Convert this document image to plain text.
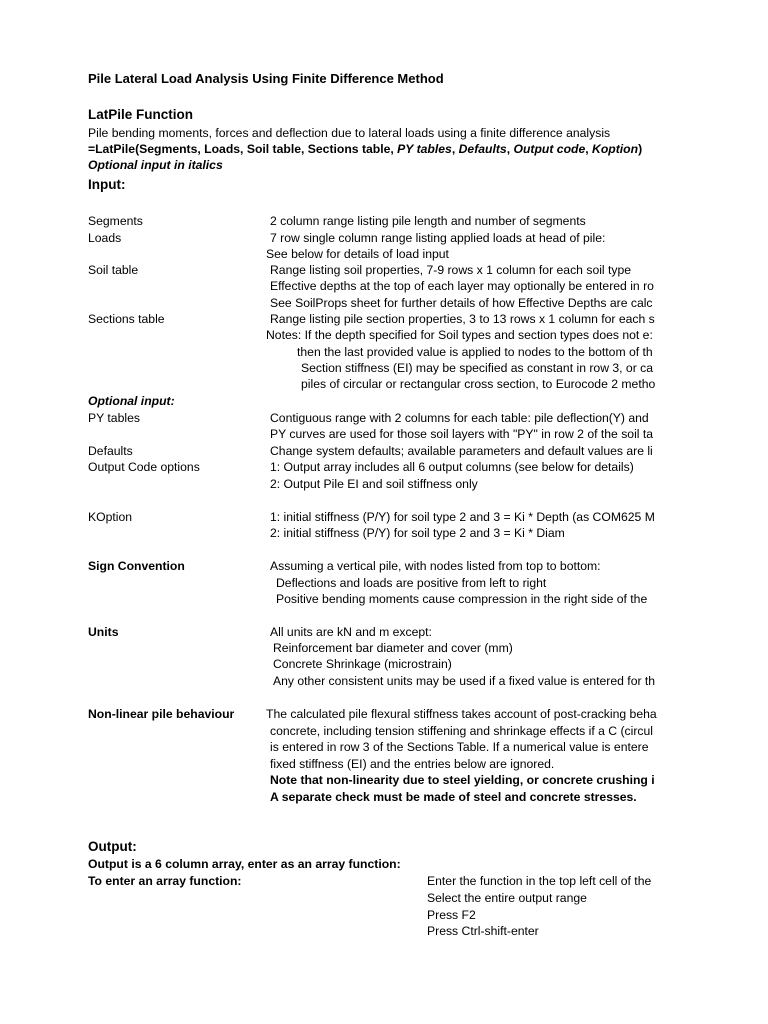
Pile Lateral Load Analysis Using Finite Difference Method
LatPile Function
Pile bending moments, forces and deflection due to lateral loads using a finite difference analysis
=LatPile(Segments, Loads, Soil table, Sections table, PY tables, Defaults, Output code, Koption)
Optional input in italics
Input:
Segments	2 column range listing pile length and number of segments
Loads	7 row single column range listing applied loads at head of pile:
See below for details of load input
Soil table	Range listing soil properties, 7-9 rows x 1 column for each soil type
Effective depths at the top of each layer may optionally be entered in ro
See SoilProps sheet for further details of how Effective Depths are calc
Sections table	Range listing pile section properties, 3 to 13 rows x 1 column for each s
Notes: If the depth specified for Soil types and section types does not e:
then the last provided value is applied to nodes to the bottom of th
Section stiffness (EI) may be specified as constant in row 3, or ca
piles of circular or rectangular cross section, to Eurocode 2 metho
Optional input:
PY tables	Contiguous range with 2 columns for each table: pile deflection(Y) and
PY curves are used for those soil layers with "PY" in row 2 of the soil ta
Defaults	Change system defaults; available parameters and default values are li
Output Code options	1: Output array includes all 6 output columns (see below for details)
2: Output Pile EI and soil stiffness only
KOption	1: initial stiffness (P/Y) for soil type 2 and 3 = Ki * Depth (as COM625 M
2: initial stiffness (P/Y) for soil type 2 and 3 = Ki * Diam
Sign Convention	Assuming a vertical pile, with nodes listed from top to bottom:
Deflections and loads are positive from left to right
Positive bending moments cause compression in the right side of the
Units	All units are kN and m except:
Reinforcement bar diameter and cover (mm)
Concrete Shrinkage (microstrain)
Any other consistent units may be used if a fixed value is entered for th
Non-linear pile behaviour	The calculated pile flexural stiffness takes account of post-cracking beha
concrete, including tension stiffening and shrinkage effects if a C (circul
is entered in row 3 of the Sections Table. If a numerical value is entere
fixed stiffness (EI) and the entries below are ignored.
Note that non-linearity due to steel yielding, or concrete crushing i
A separate check must be made of steel and concrete stresses.
Output:
Output is a 6 column array, enter as an array function:
To enter an array function:	Enter the function in the top left cell of the
Select the entire output range
Press F2
Press Ctrl-shift-enter
